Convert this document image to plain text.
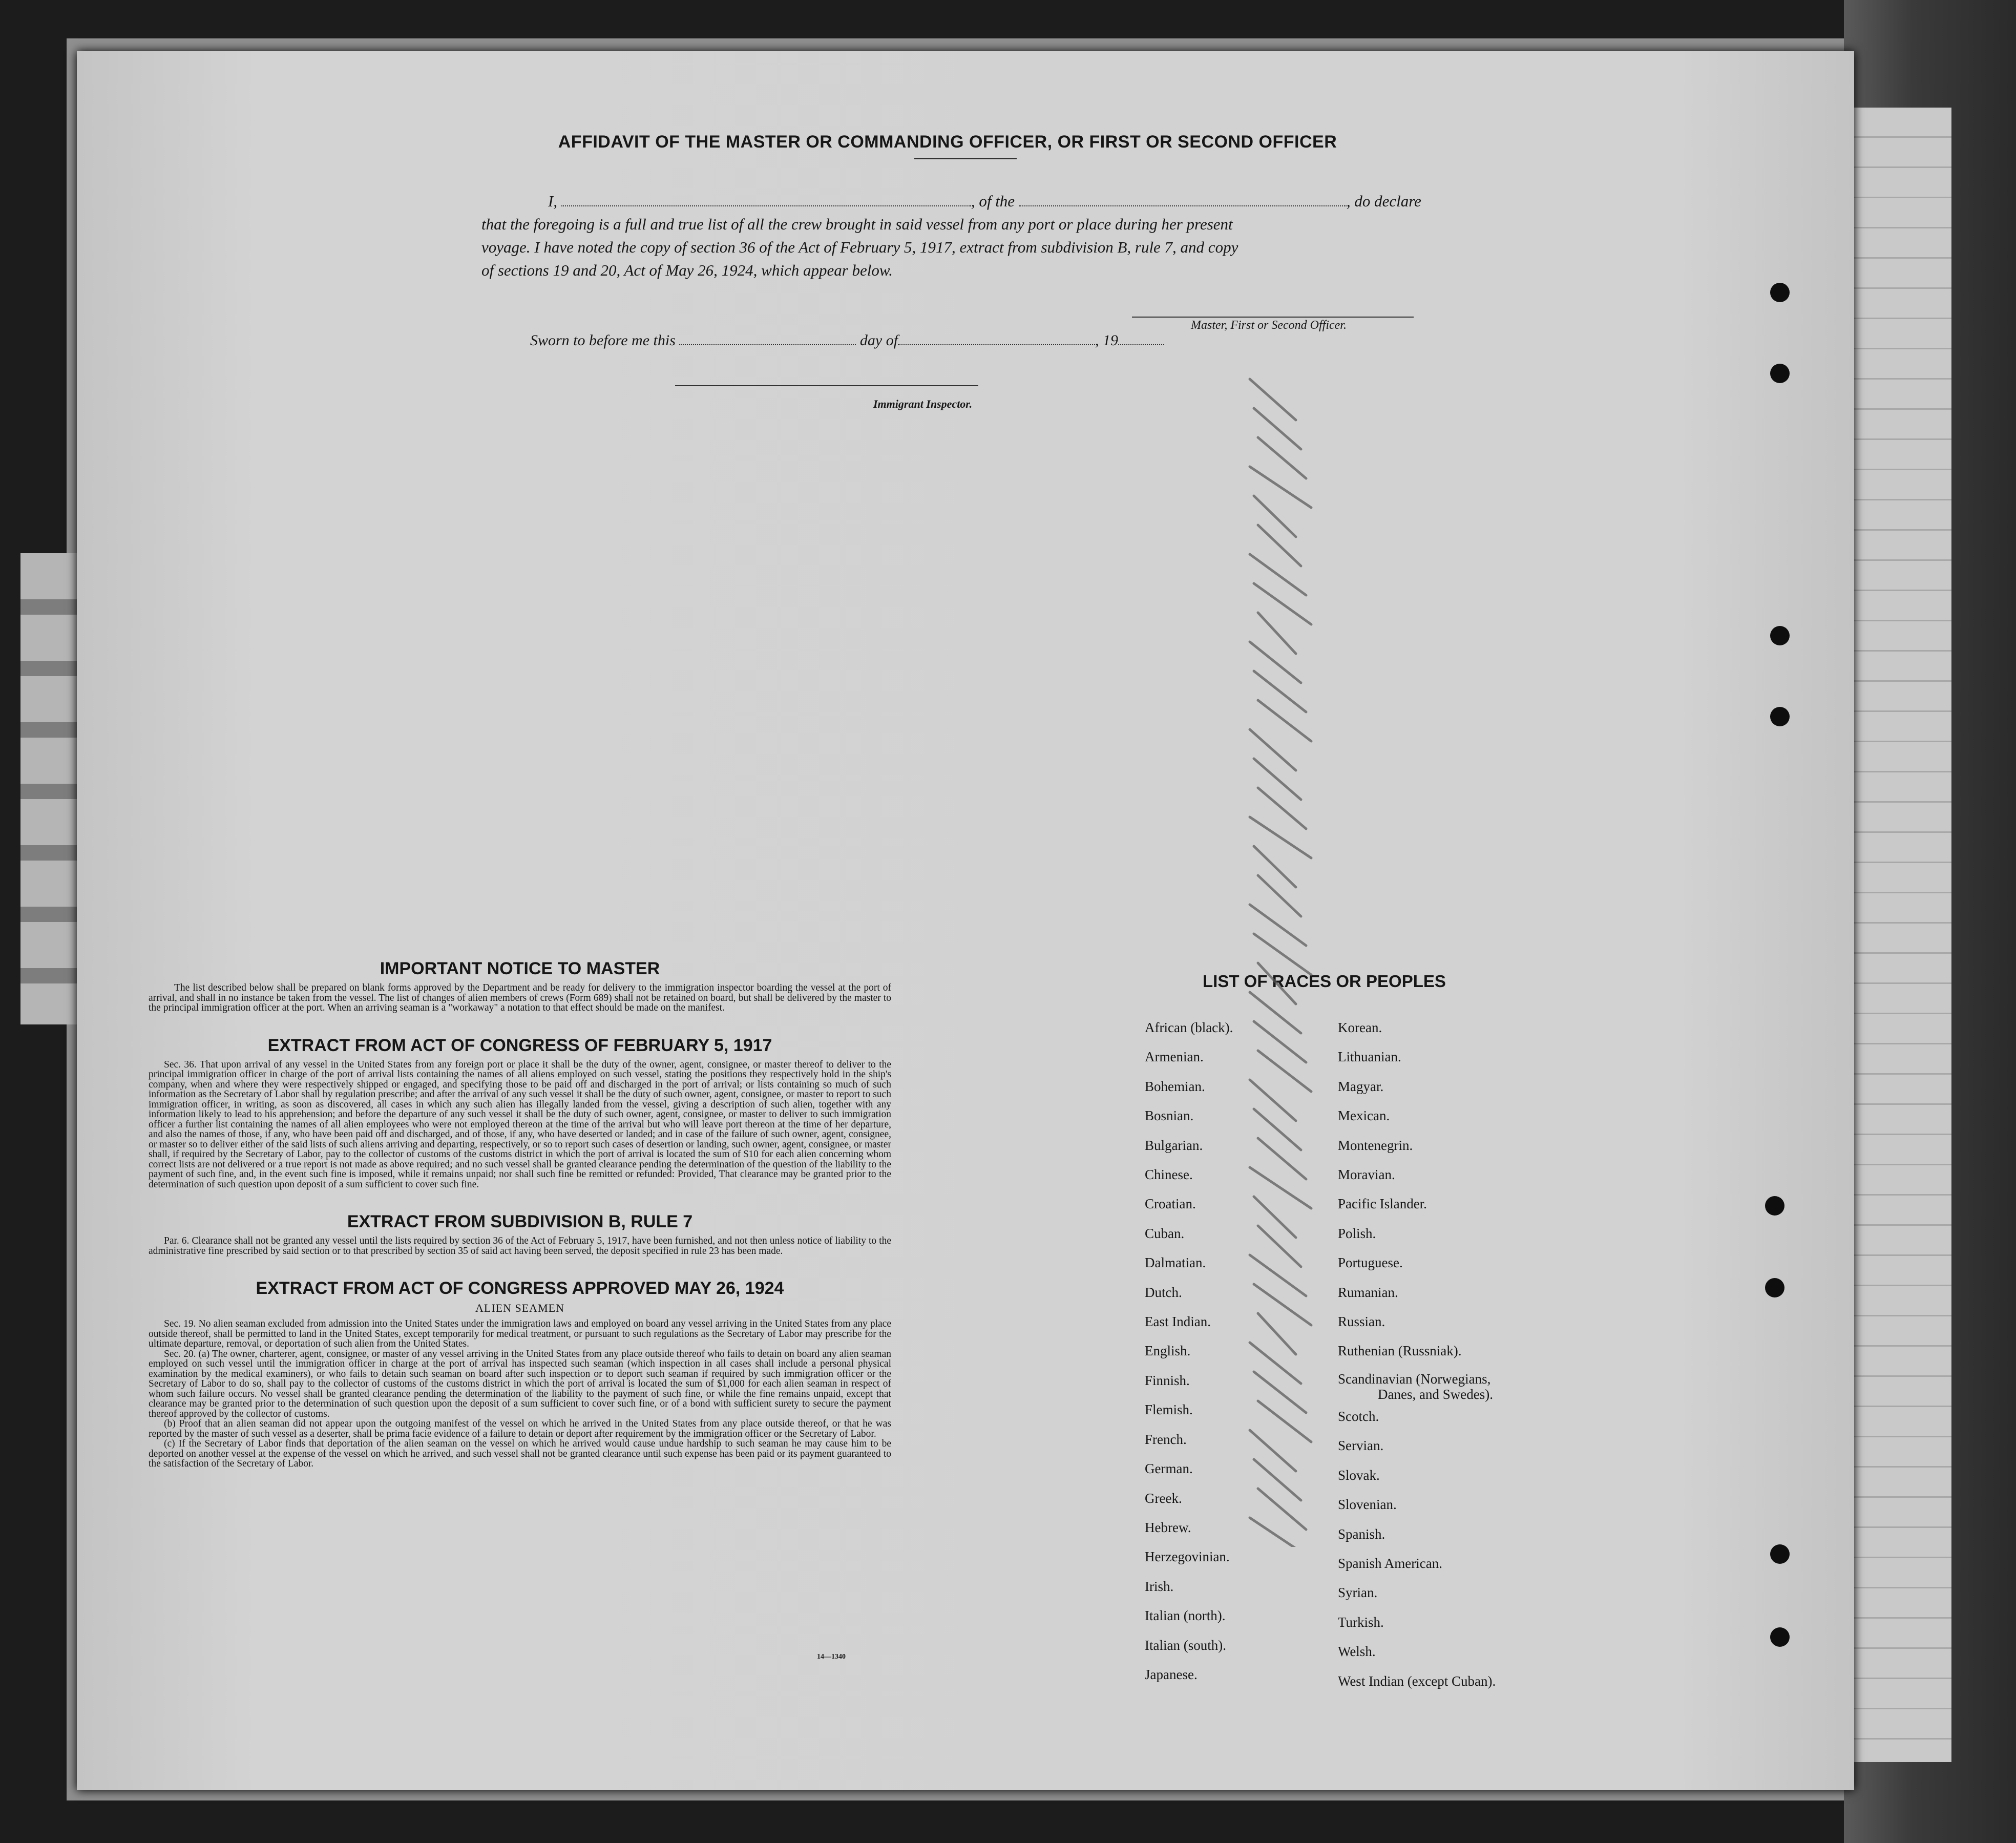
AFFIDAVIT OF THE MASTER OR COMMANDING OFFICER, OR FIRST OR SECOND OFFICER
I,	, of the	, do declare
that the foregoing is a full and true list of all the crew brought in said vessel from any port or place during her present
voyage. I have noted the copy of section 36 of the Act of February 5, 1917, extract from subdivision B, rule 7, and copy
of sections 19 and 20, Act of May 26, 1924, which appear below.
Master, First or Second Officer.
Sworn to before me this	day of	, 19
Immigrant Inspector.
IMPORTANT NOTICE TO MASTER

The list described below shall be prepared on blank forms approved by the Department and be ready for delivery to the immigration inspector boarding the vessel at the port of arrival, and shall in no instance be taken from the vessel. The list of changes of alien members of crews (Form 689) shall not be retained on board, but shall be delivered by the master to the principal immigration officer at the port. When an arriving seaman is a "workaway" a notation to that effect should be made on the manifest.

EXTRACT FROM ACT OF CONGRESS OF FEBRUARY 5, 1917

Sec. 36. That upon arrival of any vessel in the United States from any foreign port or place it shall be the duty of the owner, agent, consignee, or master thereof to deliver to the principal immigration officer in charge of the port of arrival lists containing the names of all aliens employed on such vessel, stating the positions they respectively hold in the ship's company, when and where they were respectively shipped or engaged, and specifying those to be paid off and discharged in the port of arrival; or lists containing so much of such information as the Secretary of Labor shall by regulation prescribe; and after the arrival of any such vessel it shall be the duty of such owner, agent, consignee, or master to report to such immigration officer, in writing, as soon as discovered, all cases in which any such alien has illegally landed from the vessel, giving a description of such alien, together with any information likely to lead to his apprehension; and before the departure of any such vessel it shall be the duty of such owner, agent, consignee, or master to deliver to such immigration officer a further list containing the names of all alien employees who were not employed thereon at the time of the arrival but who will leave port thereon at the time of her departure, and also the names of those, if any, who have been paid off and discharged, and of those, if any, who have deserted or landed; and in case of the failure of such owner, agent, consignee, or master so to deliver either of the said lists of such aliens arriving and departing, respectively, or so to report such cases of desertion or landing, such owner, agent, consignee, or master shall, if required by the Secretary of Labor, pay to the collector of customs of the customs district in which the port of arrival is located the sum of $10 for each alien concerning whom correct lists are not delivered or a true report is not made as above required; and no such vessel shall be granted clearance pending the determination of the question of the liability to the payment of such fine, and, in the event such fine is imposed, while it remains unpaid; nor shall such fine be remitted or refunded: Provided, That clearance may be granted prior to the determination of such question upon deposit of a sum sufficient to cover such fine.

EXTRACT FROM SUBDIVISION B, RULE 7

Par. 6. Clearance shall not be granted any vessel until the lists required by section 36 of the Act of February 5, 1917, have been furnished, and not then unless notice of liability to the administrative fine prescribed by said section or to that prescribed by section 35 of said act having been served, the deposit specified in rule 23 has been made.

EXTRACT FROM ACT OF CONGRESS APPROVED MAY 26, 1924
ALIEN SEAMEN

Sec. 19. No alien seaman excluded from admission into the United States under the immigration laws and employed on board any vessel arriving in the United States from any place outside thereof, shall be permitted to land in the United States, except temporarily for medical treatment, or pursuant to such regulations as the Secretary of Labor may prescribe for the ultimate departure, removal, or deportation of such alien from the United States.

Sec. 20. (a) The owner, charterer, agent, consignee, or master of any vessel arriving in the United States from any place outside thereof who fails to detain on board any alien seaman employed on such vessel until the immigration officer in charge at the port of arrival has inspected such seaman (which inspection in all cases shall include a personal physical examination by the medical examiners), or who fails to detain such seaman on board after such inspection or to deport such seaman if required by such immigration officer or the Secretary of Labor to do so, shall pay to the collector of customs of the customs district in which the port of arrival is located the sum of $1,000 for each alien seaman in respect of whom such failure occurs. No vessel shall be granted clearance pending the determination of the liability to the payment of such fine, or while the fine remains unpaid, except that clearance may be granted prior to the determination of such question upon the deposit of a sum sufficient to cover such fine, or of a bond with sufficient surety to secure the payment thereof approved by the collector of customs.

(b) Proof that an alien seaman did not appear upon the outgoing manifest of the vessel on which he arrived in the United States from any place outside thereof, or that he was reported by the master of such vessel as a deserter, shall be prima facie evidence of a failure to detain or deport after requirement by the immigration officer or the Secretary of Labor.

(c) If the Secretary of Labor finds that deportation of the alien seaman on the vessel on which he arrived would cause undue hardship to such seaman he may cause him to be deported on another vessel at the expense of the vessel on which he arrived, and such vessel shall not be granted clearance until such expense has been paid or its payment guaranteed to the satisfaction of the Secretary of Labor.

14—1340
LIST OF RACES OR PEOPLES
African (black).
Armenian.
Bohemian.
Bosnian.
Bulgarian.
Chinese.
Croatian.
Cuban.
Dalmatian.
Dutch.
East Indian.
English.
Finnish.
Flemish.
French.
German.
Greek.
Hebrew.
Herzegovinian.
Irish.
Italian (north).
Italian (south).
Japanese.
Korean.
Lithuanian.
Magyar.
Mexican.
Montenegrin.
Moravian.
Pacific Islander.
Polish.
Portuguese.
Rumanian.
Russian.
Ruthenian (Russniak).
Scandinavian (Norwegians,
Danes, and Swedes).
Scotch.
Servian.
Slovak.
Slovenian.
Spanish.
Spanish American.
Syrian.
Turkish.
Welsh.
West Indian (except Cuban).
